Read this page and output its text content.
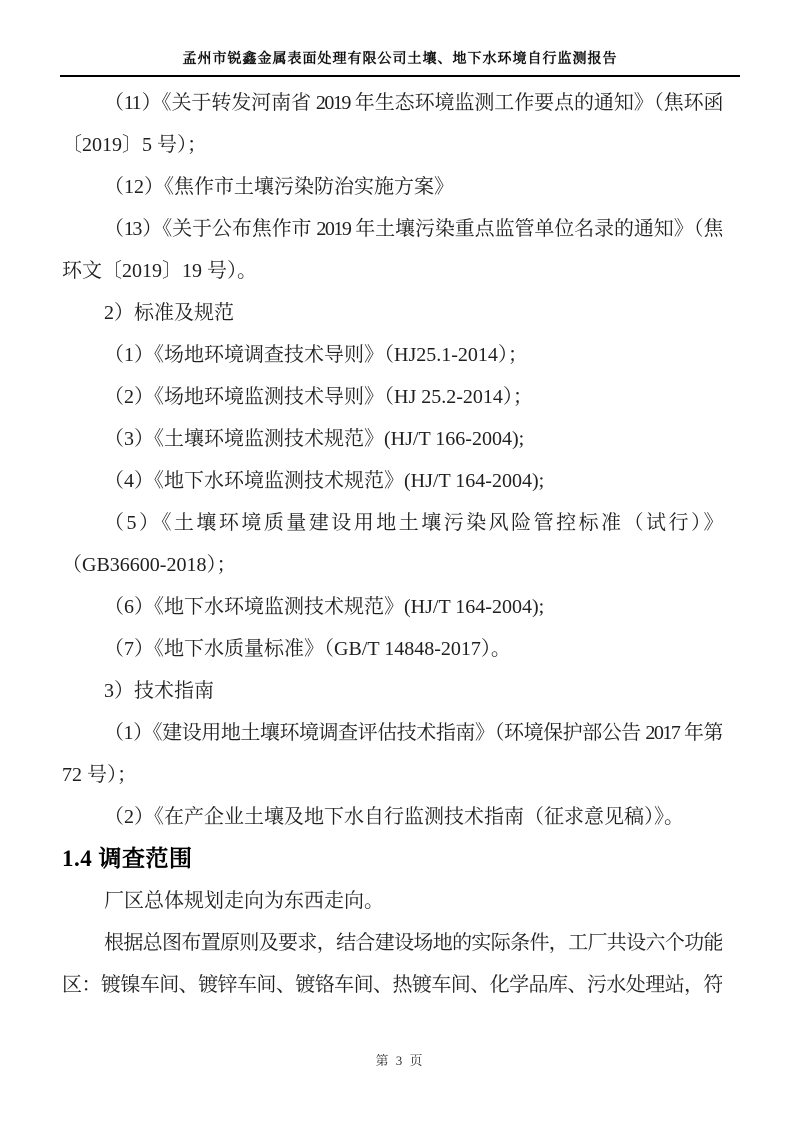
孟州市锐鑫金属表面处理有限公司土壤、地下水环境自行监测报告
（11）《关于转发河南省 2019 年生态环境监测工作要点的通知》（焦环函
〔2019〕5 号）；
（12）《焦作市土壤污染防治实施方案》
（13）《关于公布焦作市 2019 年土壤污染重点监管单位名录的通知》（焦
环文〔2019〕19 号）。
2）标准及规范
（1）《场地环境调查技术导则》（HJ25.1-2014）；
（2）《场地环境监测技术导则》（HJ 25.2-2014）；
（3）《土壤环境监测技术规范》(HJ/T 166-2004);
（4）《地下水环境监测技术规范》(HJ/T 164-2004);
（5）《土壤环境质量建设用地土壤污染风险管控标准（试行）》
（GB36600-2018）；
（6）《地下水环境监测技术规范》(HJ/T 164-2004);
（7）《地下水质量标准》（GB/T 14848-2017）。
3）技术指南
（1）《建设用地土壤环境调查评估技术指南》（环境保护部公告 2017 年第
72 号）；
（2）《在产企业土壤及地下水自行监测技术指南（征求意见稿）》。
1.4 调查范围
厂区总体规划走向为东西走向。
根据总图布置原则及要求，结合建设场地的实际条件，工厂共设六个功能
区：镀镍车间、镀锌车间、镀铬车间、热镀车间、化学品库、污水处理站，符
第 3 页
